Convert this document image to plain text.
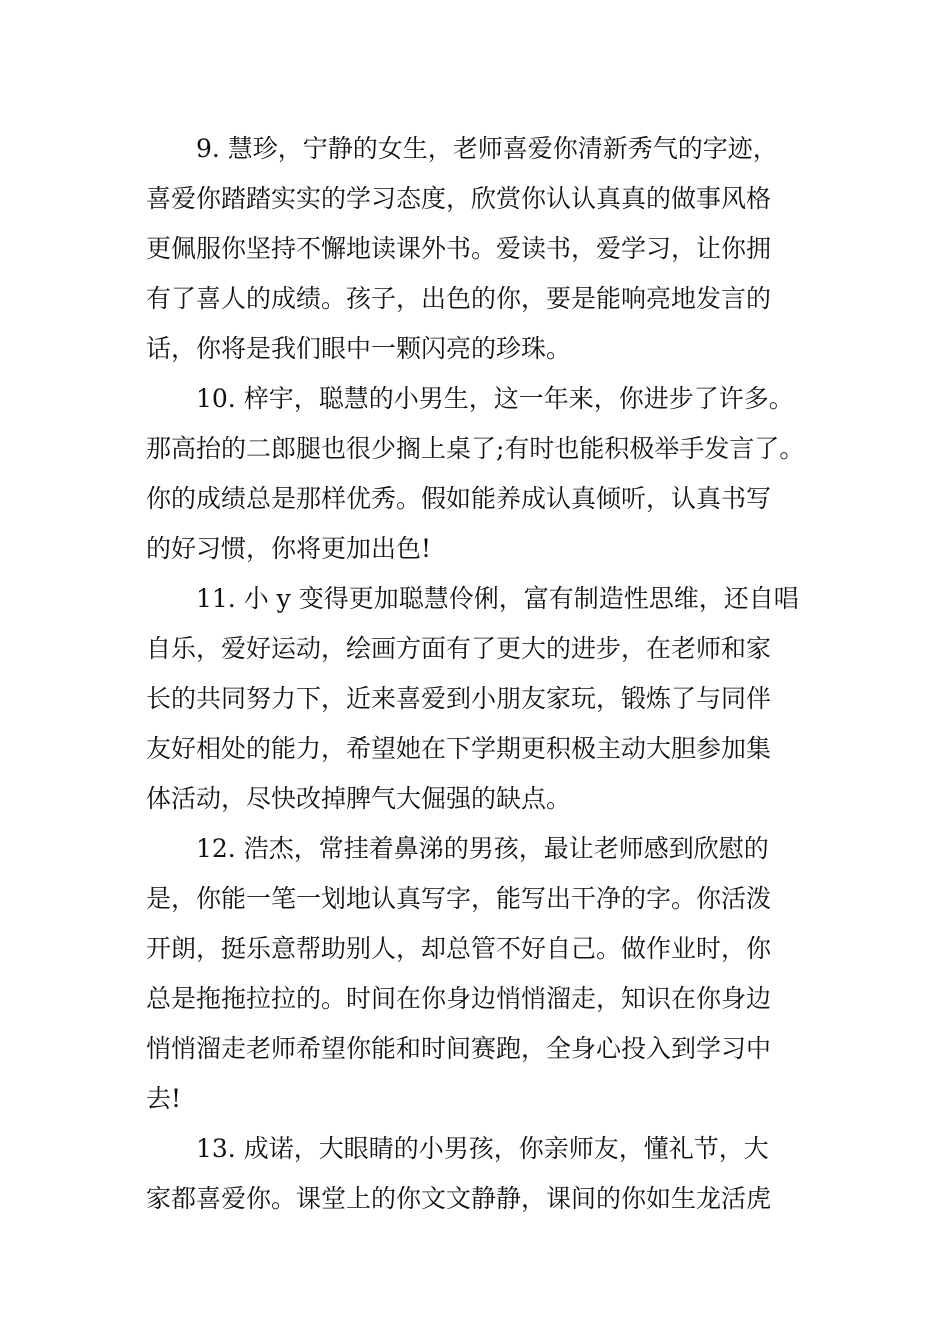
9. 慧珍，宁静的女生，老师喜爱你清新秀气的字迹，
喜爱你踏踏实实的学习态度，欣赏你认认真真的做事风格
更佩服你坚持不懈地读课外书。爱读书，爱学习，让你拥
有了喜人的成绩。孩子，出色的你，要是能响亮地发言的
话，你将是我们眼中一颗闪亮的珍珠。
10. 梓宇，聪慧的小男生，这一年来，你进步了许多。
那高抬的二郎腿也很少搁上桌了;有时也能积极举手发言了。
你的成绩总是那样优秀。假如能养成认真倾听，认真书写
的好习惯，你将更加出色!
11. 小 y 变得更加聪慧伶俐，富有制造性思维，还自唱
自乐，爱好运动，绘画方面有了更大的进步，在老师和家
长的共同努力下，近来喜爱到小朋友家玩，锻炼了与同伴
友好相处的能力，希望她在下学期更积极主动大胆参加集
体活动，尽快改掉脾气大倔强的缺点。
12. 浩杰，常挂着鼻涕的男孩，最让老师感到欣慰的
是，你能一笔一划地认真写字，能写出干净的字。你活泼
开朗，挺乐意帮助别人，却总管不好自己。做作业时，你
总是拖拖拉拉的。时间在你身边悄悄溜走，知识在你身边
悄悄溜走老师希望你能和时间赛跑，全身心投入到学习中
去!
13. 成诺，大眼睛的小男孩，你亲师友，懂礼节，大
家都喜爱你。课堂上的你文文静静，课间的你如生龙活虎
